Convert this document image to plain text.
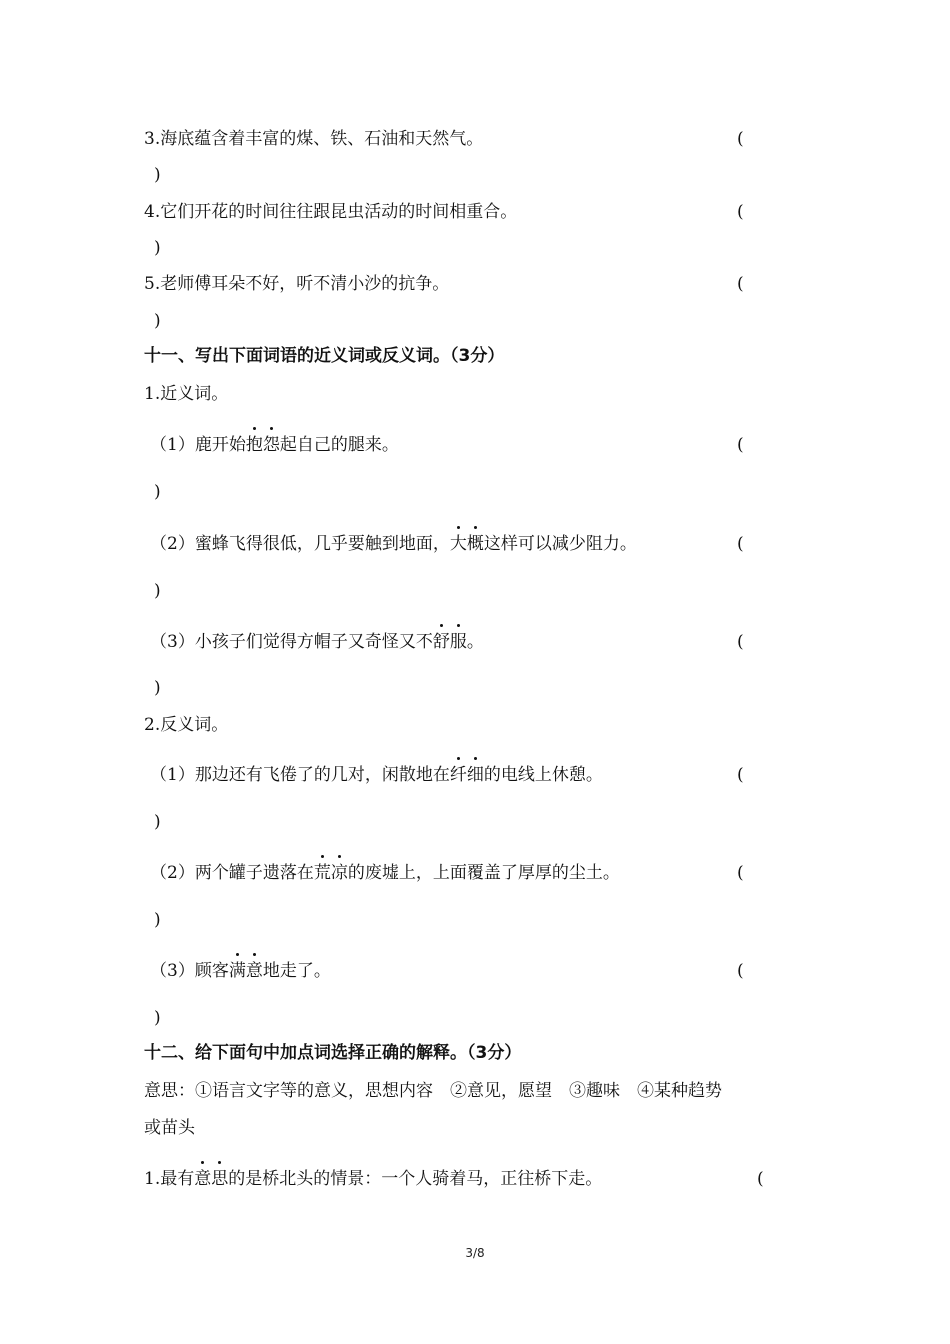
3.海底蕴含着丰富的煤、铁、石油和天然气。	(
)
4.它们开花的时间往往跟昆虫活动的时间相重合。	(
)
5.老师傅耳朵不好，听不清小沙的抗争。	(
)
十一、写出下面词语的近义词或反义词。（3分）
1.近义词。
（1）鹿开始抱怨起自己的腿来。	(
)
（2）蜜蜂飞得很低，几乎要触到地面，大概这样可以减少阻力。	(
)
（3）小孩子们觉得方帽子又奇怪又不舒服。	(
)
2.反义词。
（1）那边还有飞倦了的几对，闲散地在纤细的电线上休憩。	(
)
（2）两个罐子遗落在荒凉的废墟上，上面覆盖了厚厚的尘土。	(
)
（3）顾客满意地走了。	(
)
十二、给下面句中加点词选择正确的解释。（3分）
意思：①语言文字等的意义，思想内容　②意见，愿望　③趣味　④某种趋势
或苗头
1.最有意思的是桥北头的情景：一个人骑着马，正往桥下走。	(
3/8
